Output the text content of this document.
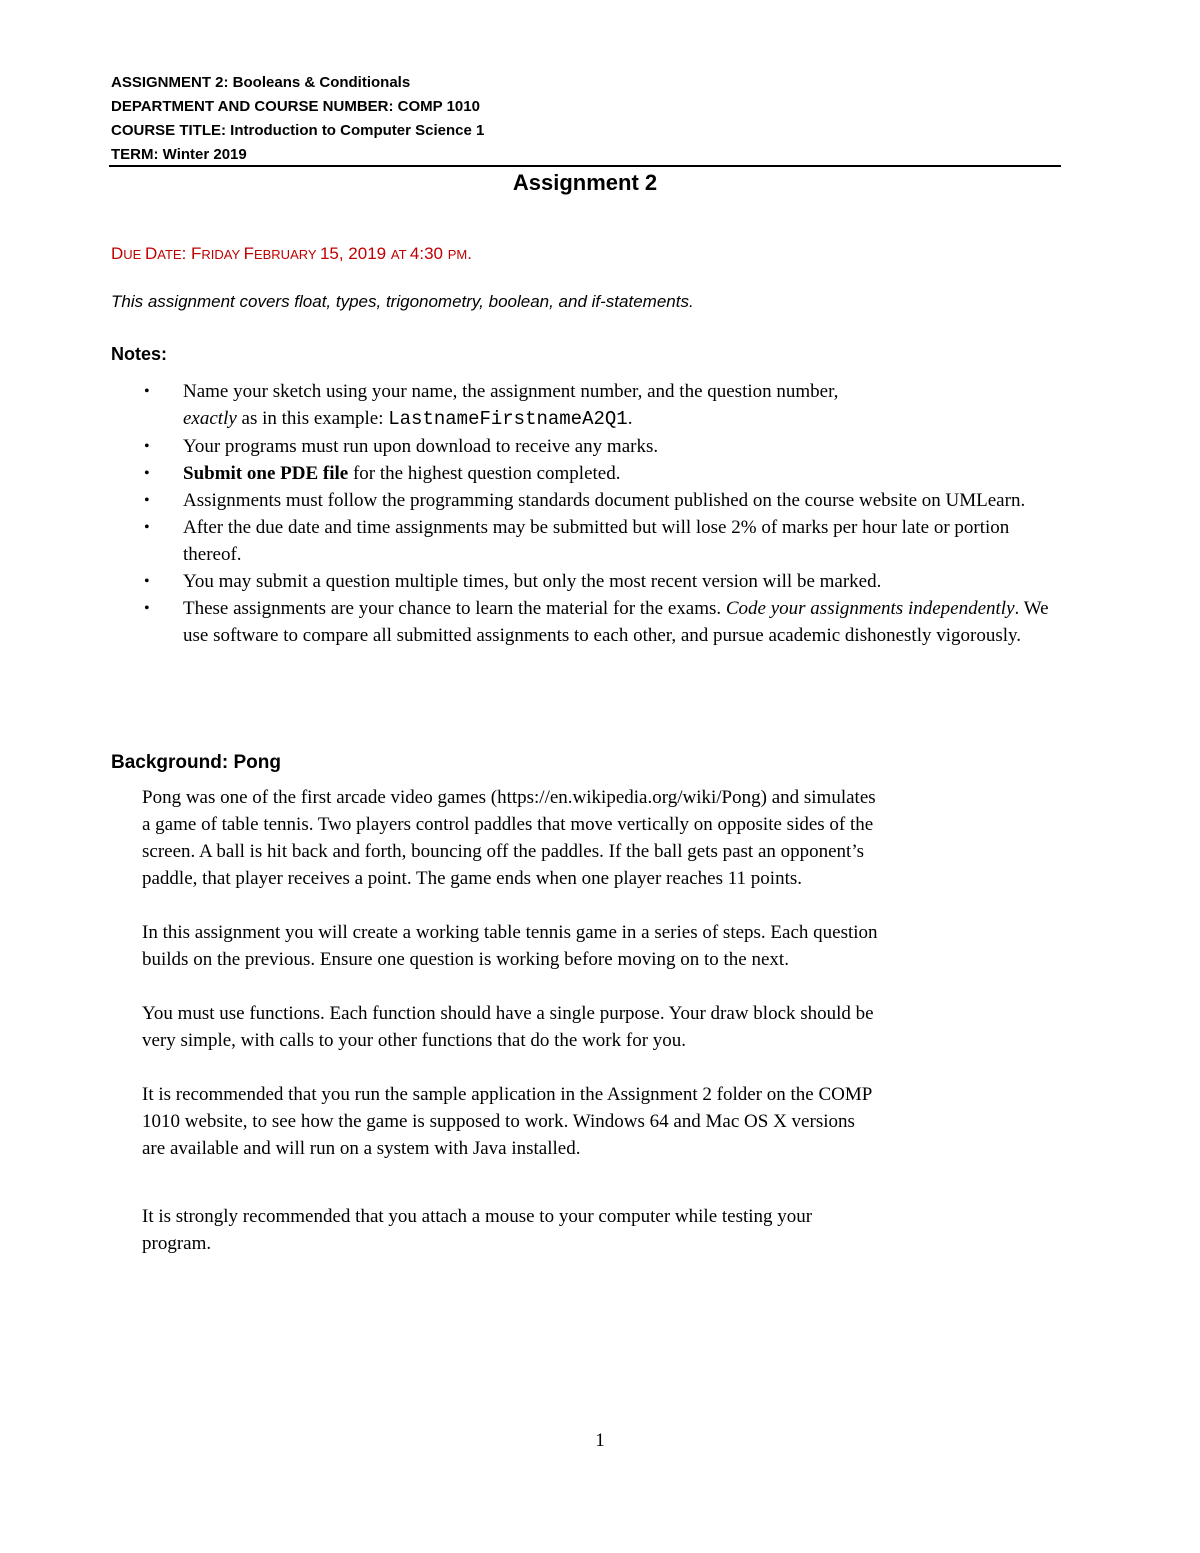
ASSIGNMENT 2: Booleans & Conditionals
DEPARTMENT AND COURSE NUMBER: COMP 1010
COURSE TITLE: Introduction to Computer Science 1
TERM: Winter 2019
Assignment 2
DUE DATE: FRIDAY FEBRUARY 15, 2019 AT 4:30 PM.
This assignment covers float, types, trigonometry, boolean, and if-statements.
Notes:
• Name your sketch using your name, the assignment number, and the question number,
exactly as in this example: LastnameFirstnameA2Q1.
• Your programs must run upon download to receive any marks.
• Submit one PDE file for the highest question completed.
• Assignments must follow the programming standards document published on the course website on UMLearn.
• After the due date and time assignments may be submitted but will lose 2% of marks per hour late or portion thereof.
• You may submit a question multiple times, but only the most recent version will be marked.
• These assignments are your chance to learn the material for the exams. Code your assignments independently. We use software to compare all submitted assignments to each other, and pursue academic dishonestly vigorously.
Background: Pong

Pong was one of the first arcade video games (https://en.wikipedia.org/wiki/Pong) and simulates
a game of table tennis. Two players control paddles that move vertically on opposite sides of the
screen. A ball is hit back and forth, bouncing off the paddles. If the ball gets past an opponent’s
paddle, that player receives a point. The game ends when one player reaches 11 points.

In this assignment you will create a working table tennis game in a series of steps. Each question
builds on the previous. Ensure one question is working before moving on to the next.

You must use functions. Each function should have a single purpose. Your draw block should be
very simple, with calls to your other functions that do the work for you.

It is recommended that you run the sample application in the Assignment 2 folder on the COMP
1010 website, to see how the game is supposed to work. Windows 64 and Mac OS X versions
are available and will run on a system with Java installed.

It is strongly recommended that you attach a mouse to your computer while testing your
program.

1
